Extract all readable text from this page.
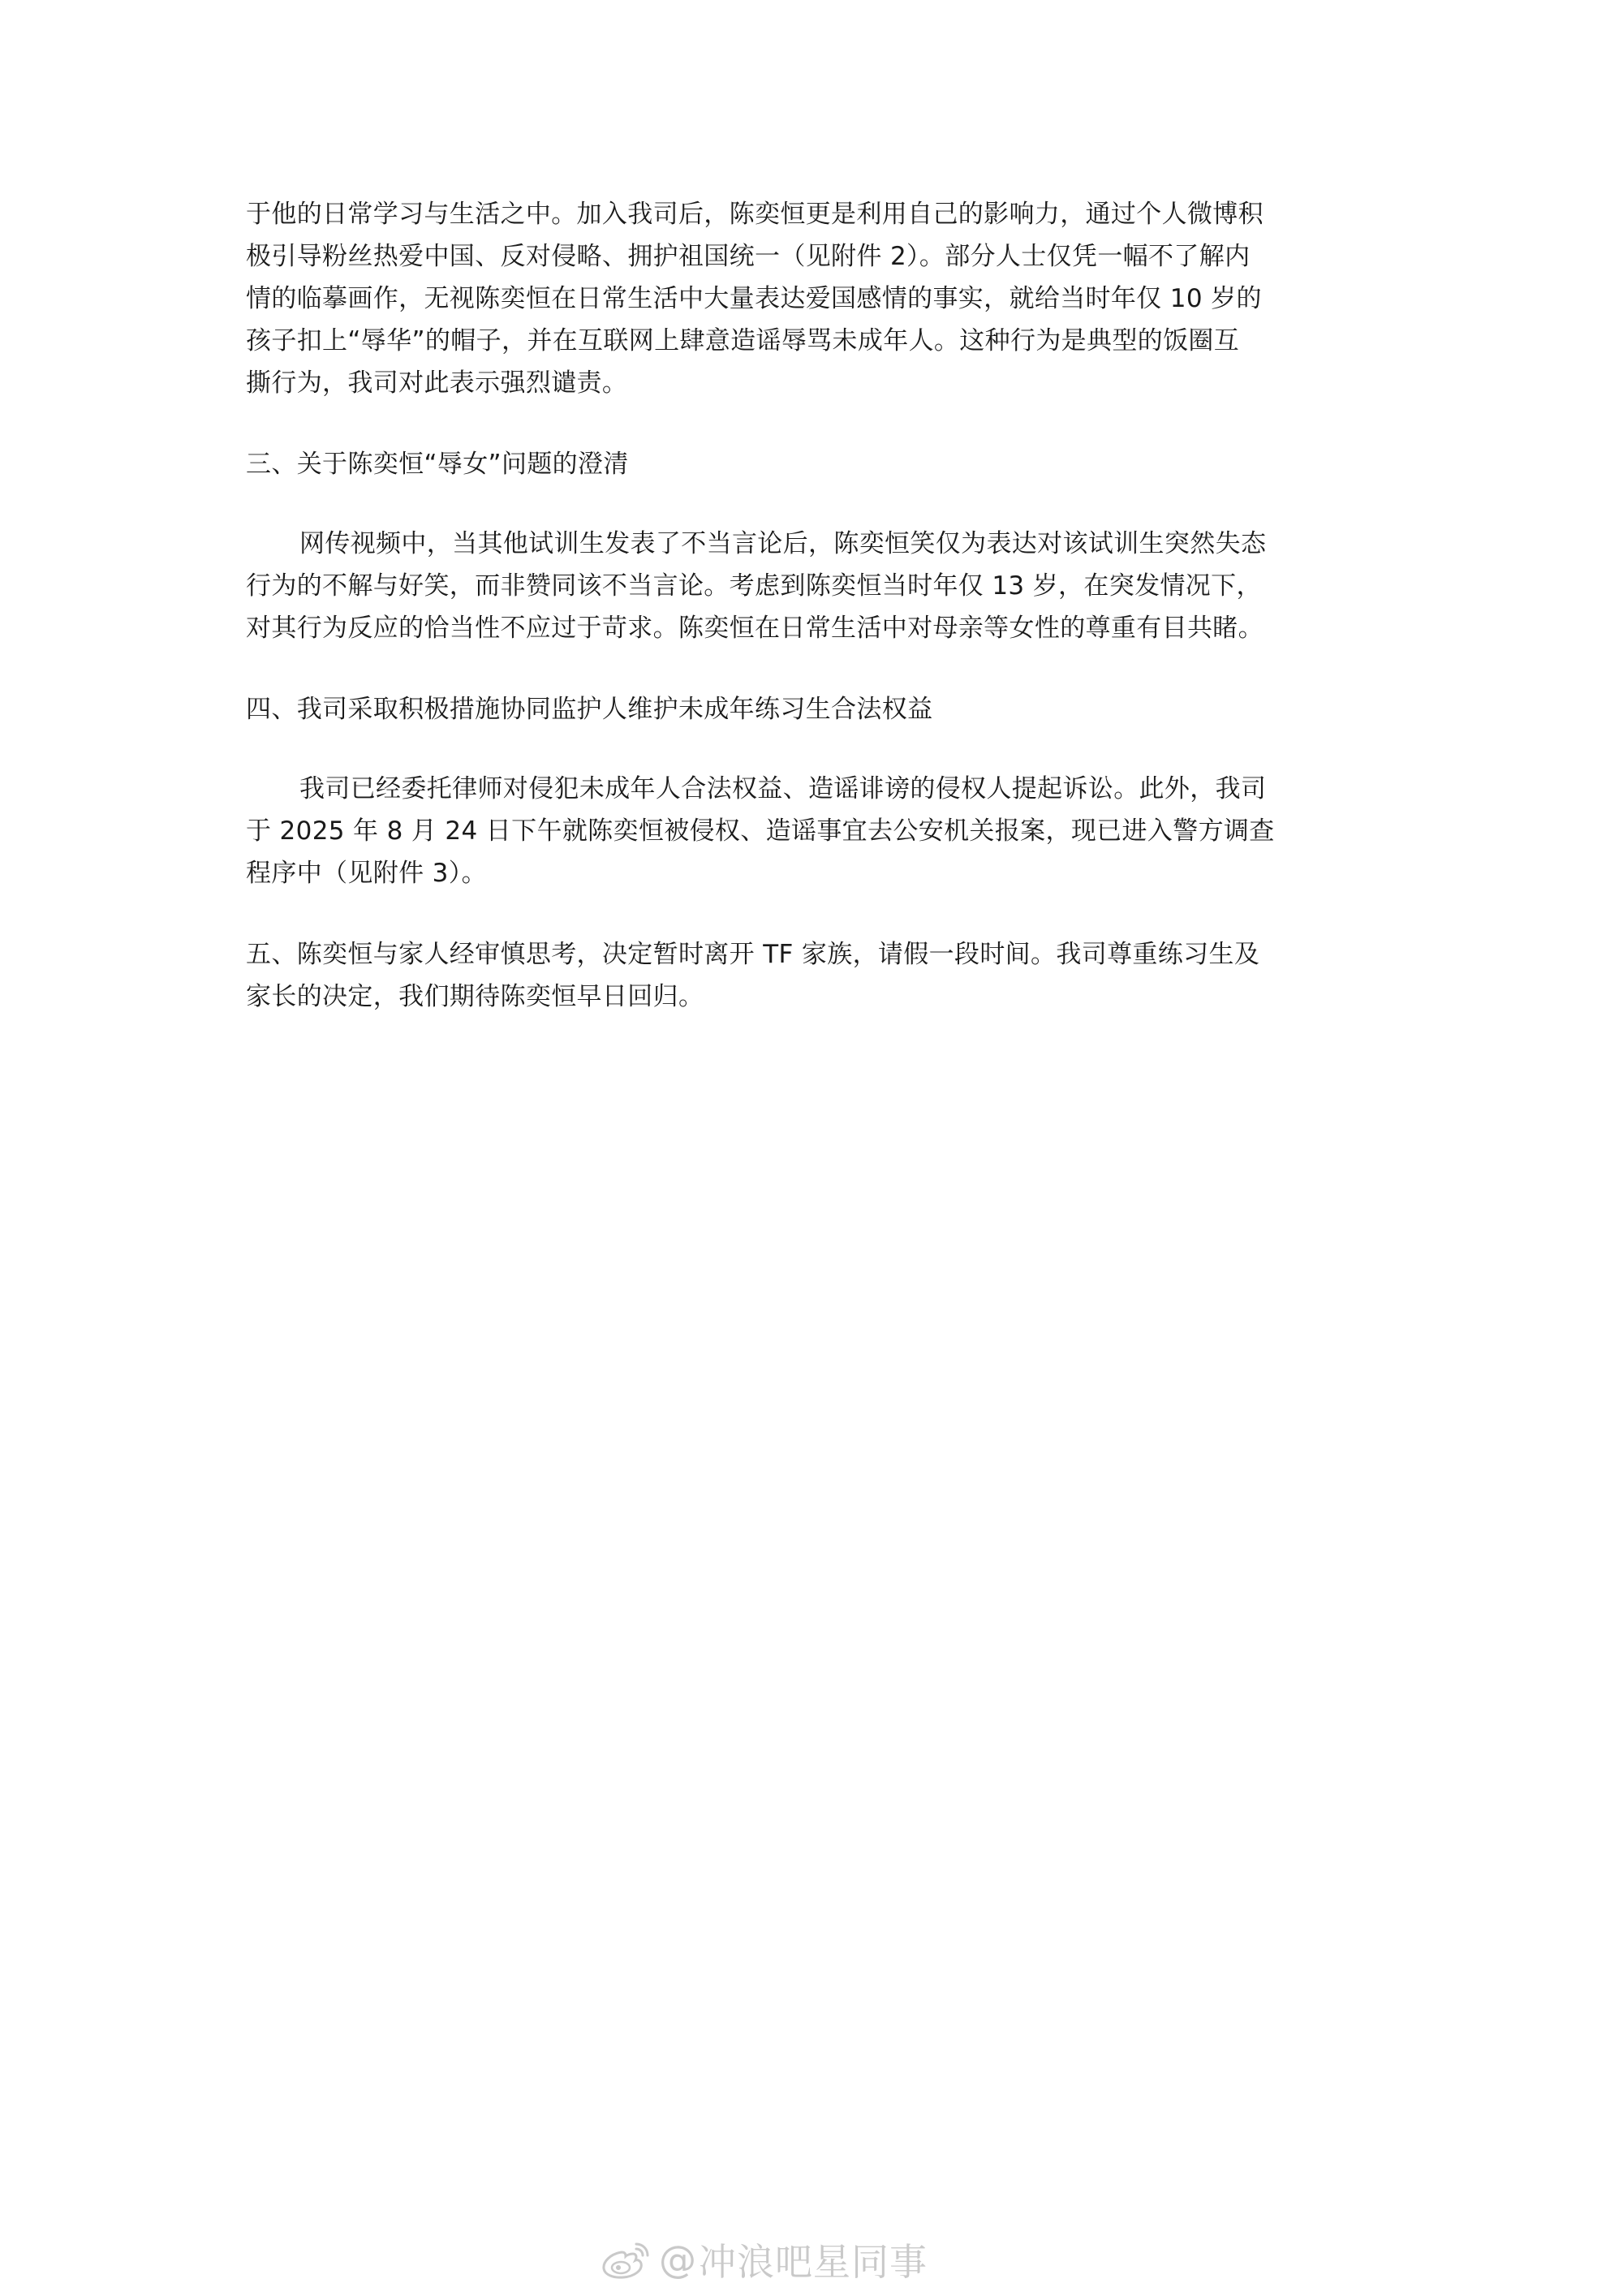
于他的日常学习与生活之中。加入我司后，陈奕恒更是利用自己的影响力，通过个人微博积
极引导粉丝热爱中国、反对侵略、拥护祖国统一（见附件 2）。部分人士仅凭一幅不了解内
情的临摹画作，无视陈奕恒在日常生活中大量表达爱国感情的事实，就给当时年仅 10 岁的
孩子扣上“辱华”的帽子，并在互联网上肆意造谣辱骂未成年人。这种行为是典型的饭圈互
撕行为，我司对此表示强烈谴责。

三、关于陈奕恒“辱女”问题的澄清

网传视频中，当其他试训生发表了不当言论后，陈奕恒笑仅为表达对该试训生突然失态
行为的不解与好笑，而非赞同该不当言论。考虑到陈奕恒当时年仅 13 岁，在突发情况下，
对其行为反应的恰当性不应过于苛求。陈奕恒在日常生活中对母亲等女性的尊重有目共睹。

四、我司采取积极措施协同监护人维护未成年练习生合法权益

我司已经委托律师对侵犯未成年人合法权益、造谣诽谤的侵权人提起诉讼。此外，我司
于 2025 年 8 月 24 日下午就陈奕恒被侵权、造谣事宜去公安机关报案，现已进入警方调查
程序中（见附件 3）。

五、陈奕恒与家人经审慎思考，决定暂时离开 TF 家族，请假一段时间。我司尊重练习生及
家长的决定，我们期待陈奕恒早日回归。

@ 冲浪吧星同事
